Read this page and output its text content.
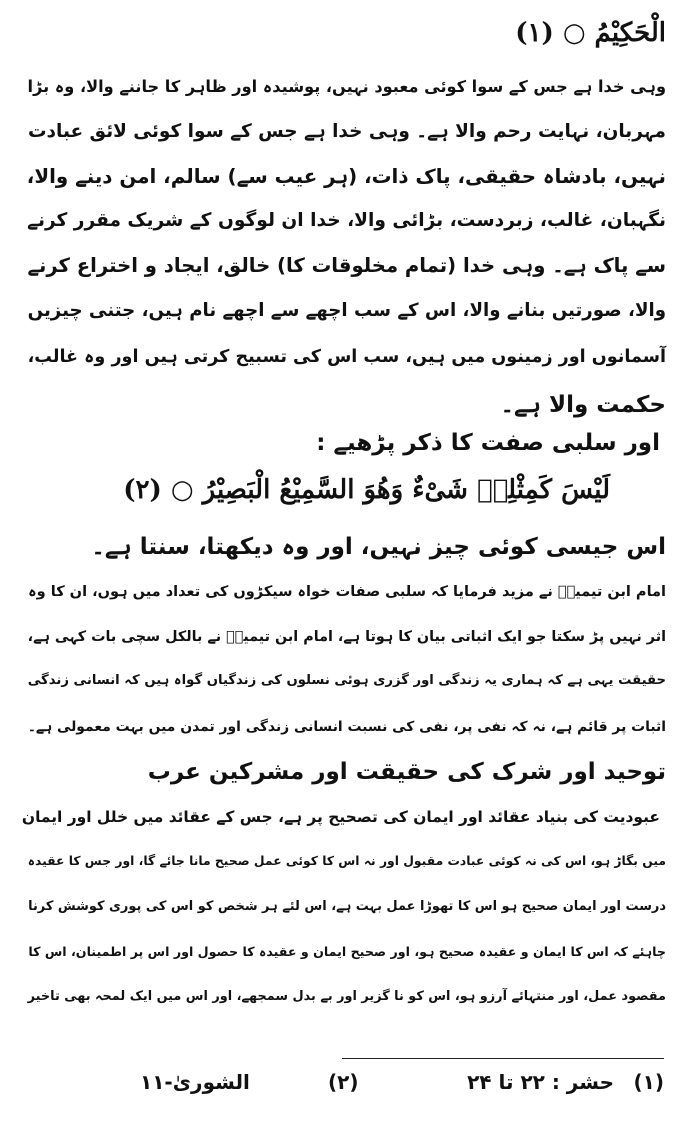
الْحَكِيْمُ ○ (۱)
وہی خدا ہے جس کے سوا کوئی معبود نہیں، پوشیدہ اور ظاہر کا جاننے والا، وہ بڑا
مہربان، نہایت رحم والا ہے۔ وہی خدا ہے جس کے سوا کوئی لائق عبادت
نہیں، بادشاہ حقیقی، پاک ذات، (ہر عیب سے) سالم، امن دینے والا،
نگہبان، غالب، زبردست، بڑائی والا، خدا ان لوگوں کے شریک مقرر کرنے
سے پاک ہے۔ وہی خدا (تمام مخلوقات کا) خالق، ایجاد و اختراع کرنے
والا، صورتیں بنانے والا، اس کے سب اچھے سے اچھے نام ہیں، جتنی چیزیں
آسمانوں اور زمینوں میں ہیں، سب اس کی تسبیح کرتی ہیں اور وہ غالب،
حکمت والا ہے۔
اور سلبی صفت کا ذکر پڑھیے :
لَیْسَ کَمِثْلِهٖ شَیْءٌ وَهُوَ السَّمِیْعُ الْبَصِیْرُ ○ (۲)
اس جیسی کوئی چیز نہیں، اور وہ دیکھتا، سنتا ہے۔
امام ابن تیمیہؒ نے مزید فرمایا کہ سلبی صفات خواہ سیکڑوں کی تعداد میں ہوں، ان کا وہ
اثر نہیں پڑ سکتا جو ایک اثباتی بیان کا ہوتا ہے، امام ابن تیمیہؒ نے بالکل سچی بات کہی ہے،
حقیقت یہی ہے کہ ہماری یہ زندگی اور گزری ہوئی نسلوں کی زندگیاں گواہ ہیں کہ انسانی زندگی
اثبات پر قائم ہے، نہ کہ نفی پر، نفی کی نسبت انسانی زندگی اور تمدن میں بہت معمولی ہے۔
توحید اور شرک کی حقیقت اور مشرکین عرب
عبودیت کی بنیاد عقائد اور ایمان کی تصحیح پر ہے، جس کے عقائد میں خلل اور ایمان
میں بگاڑ ہو، اس کی نہ کوئی عبادت مقبول اور نہ اس کا کوئی عمل صحیح مانا جائے گا، اور جس کا عقیدہ
درست اور ایمان صحیح ہو اس کا تھوڑا عمل بہت ہے، اس لئے ہر شخص کو اس کی پوری کوشش کرنا
چاہئے کہ اس کا ایمان و عقیدہ صحیح ہو، اور صحیح ایمان و عقیدہ کا حصول اور اس پر اطمینان، اس کا
مقصود عمل، اور منتہائے آرزو ہو، اس کو نا گزیر اور بے بدل سمجھے، اور اس میں ایک لمحہ بھی تاخیر
(۱)
حشر : ۲۲ تا ۲۴
(۲)
الشوریٰ-۱۱
